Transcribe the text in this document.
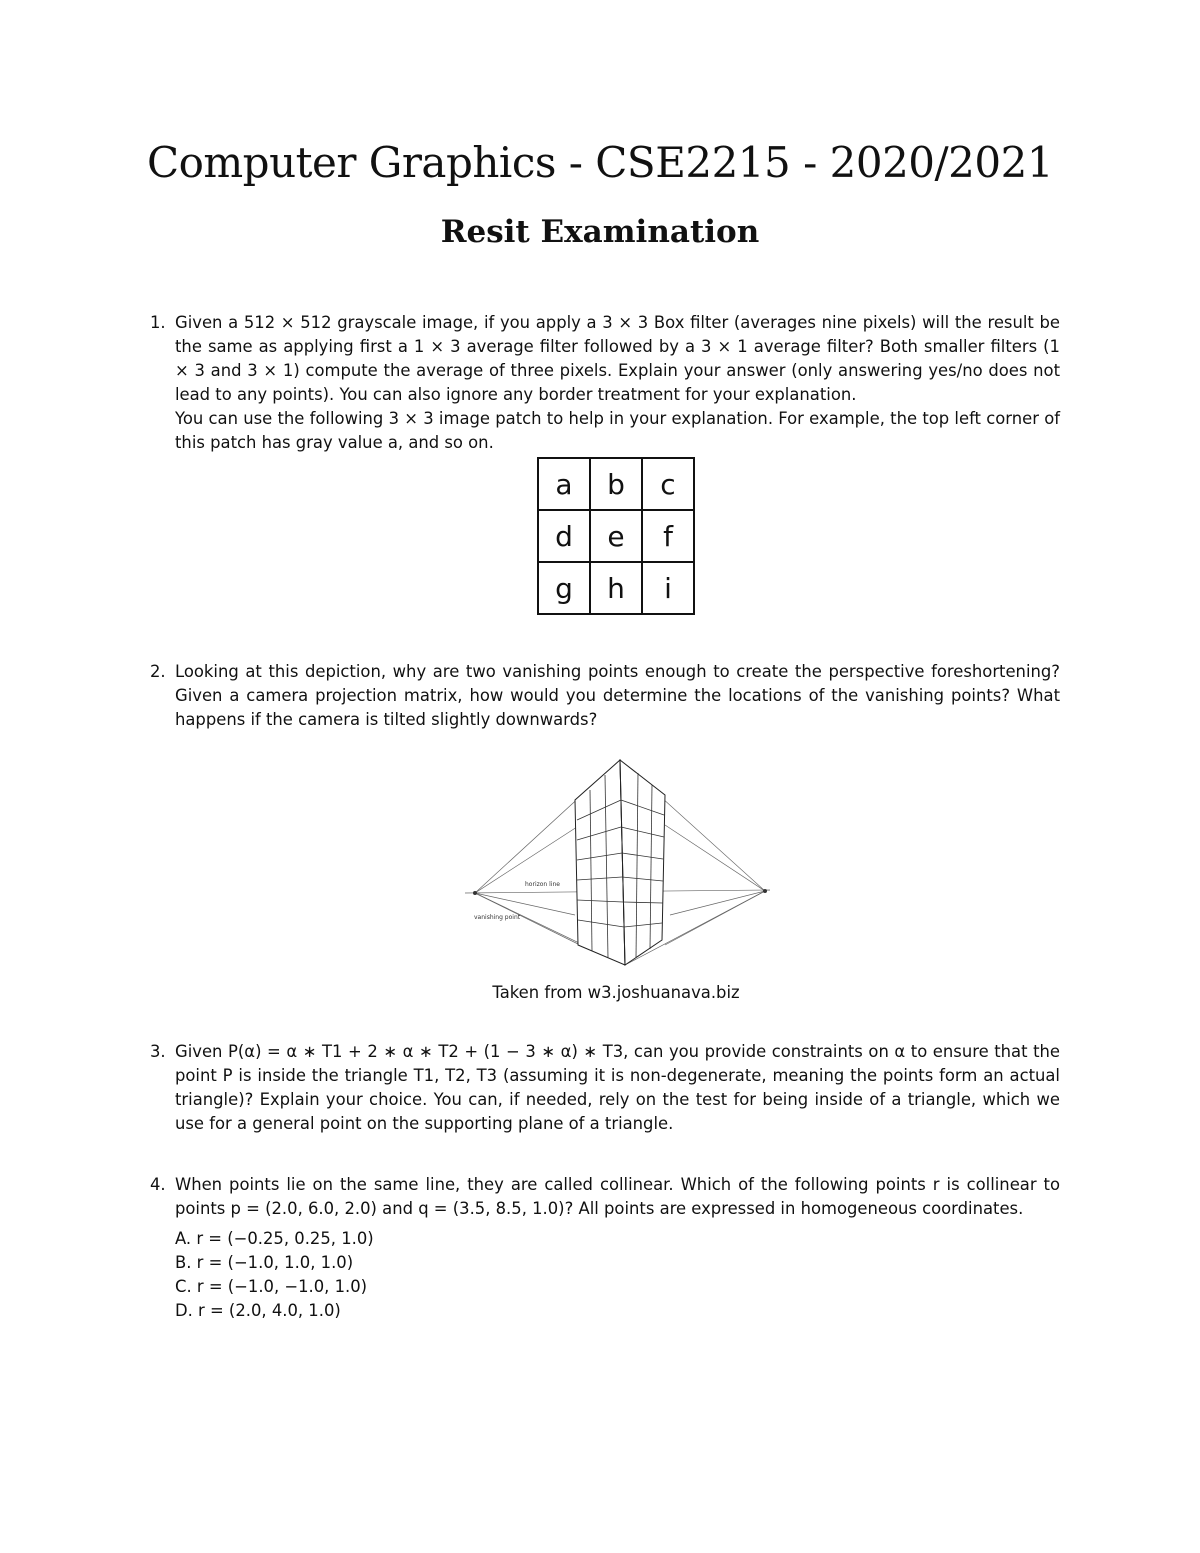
Computer Graphics - CSE2215 - 2020/2021
Resit Examination
1. Given a 512 × 512 grayscale image, if you apply a 3 × 3 Box filter (averages nine pixels) will the result be the same as applying first a 1 × 3 average filter followed by a 3 × 1 average filter? Both smaller filters (1 × 3 and 3 × 1) compute the average of three pixels. Explain your answer (only answering yes/no does not lead to any points). You can also ignore any border treatment for your explanation.

You can use the following 3 × 3 image patch to help in your explanation. For example, the top left corner of this patch has gray value a, and so on.

a	b	c
d	e	f
g	h	i
2. Looking at this depiction, why are two vanishing points enough to create the perspective foreshortening? Given a camera projection matrix, how would you determine the locations of the vanishing points? What happens if the camera is tilted slightly downwards?

horizon line
vanishing point
Taken from w3.joshuanava.biz
3. Given P(α) = α ∗ T1 + 2 ∗ α ∗ T2 + (1 − 3 ∗ α) ∗ T3, can you provide constraints on α to ensure that the point P is inside the triangle T1, T2, T3 (assuming it is non-degenerate, meaning the points form an actual triangle)? Explain your choice. You can, if needed, rely on the test for being inside of a triangle, which we use for a general point on the supporting plane of a triangle.

4. When points lie on the same line, they are called collinear. Which of the following points r is collinear to points p = (2.0, 6.0, 2.0) and q = (3.5, 8.5, 1.0)? All points are expressed in homogeneous coordinates.

A. r = (−0.25, 0.25, 1.0)
B. r = (−1.0, 1.0, 1.0)
C. r = (−1.0, −1.0, 1.0)
D. r = (2.0, 4.0, 1.0)
